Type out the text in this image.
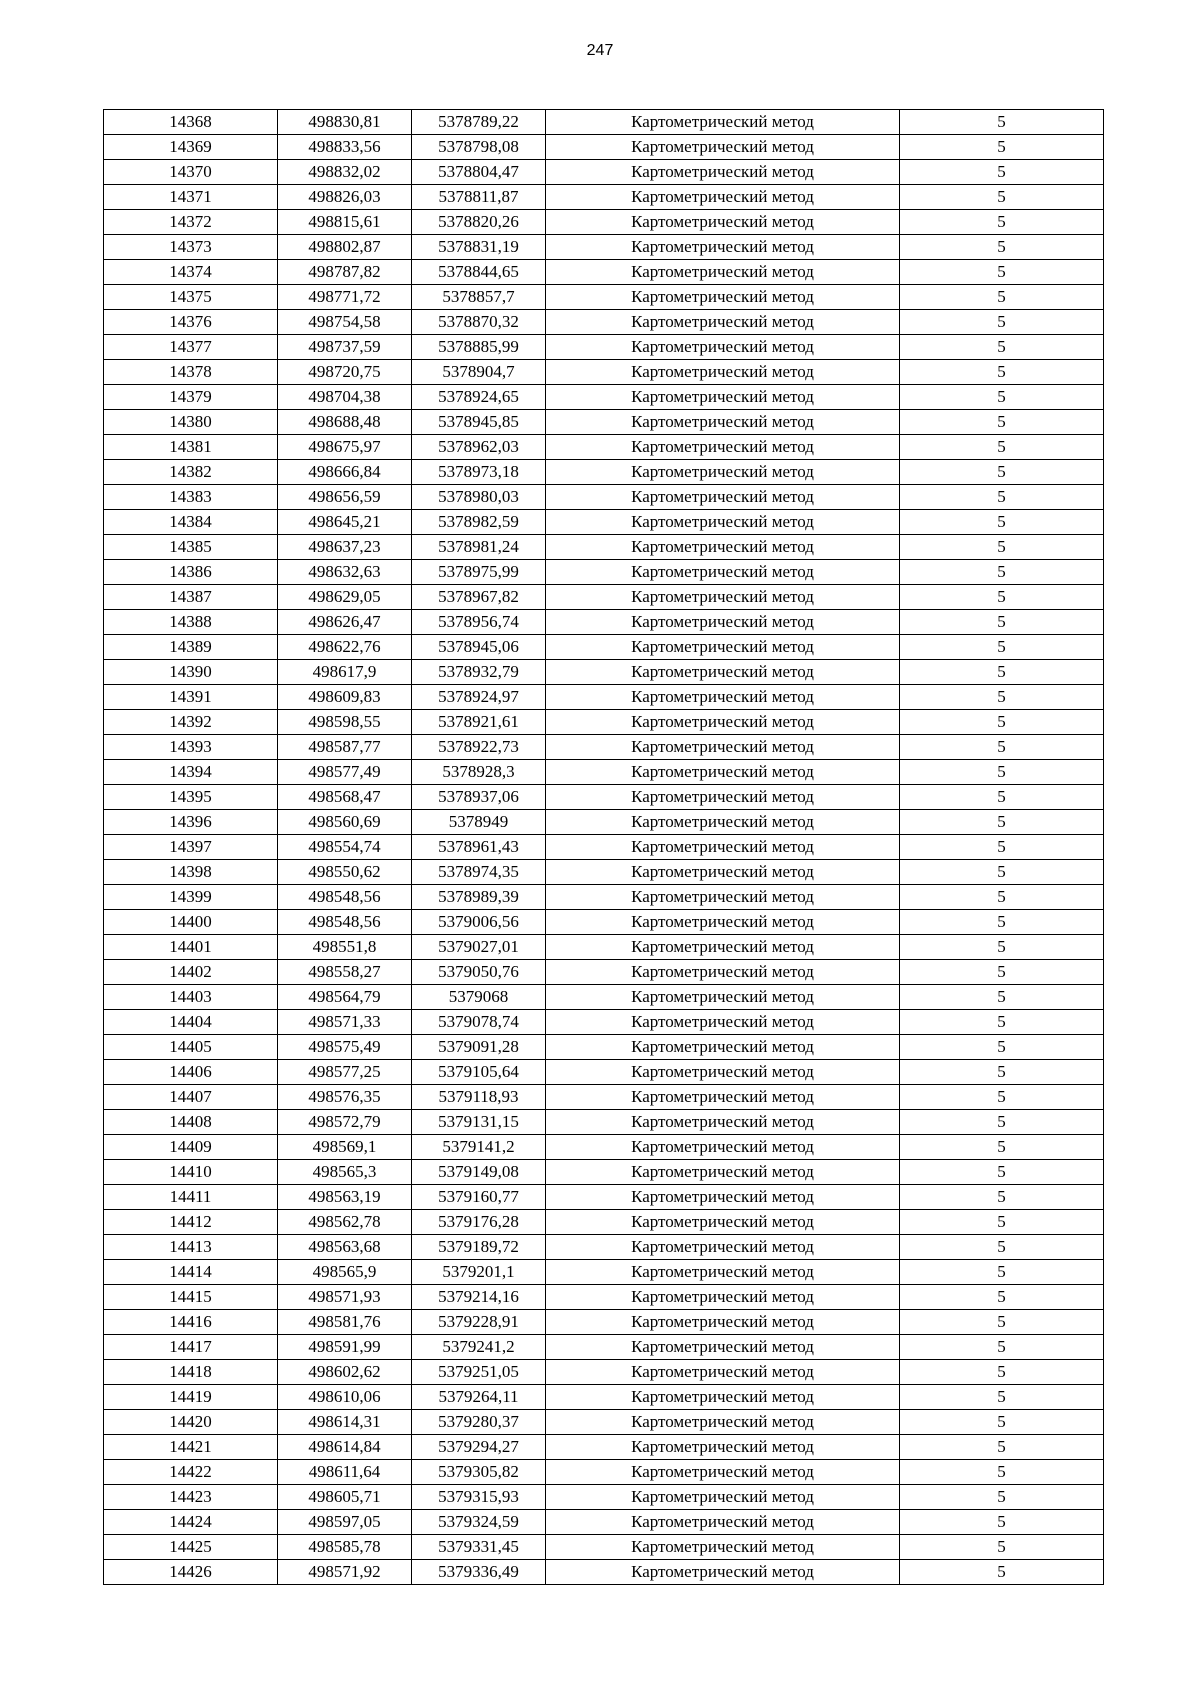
247
14368	498830,81	5378789,22	Картометрический метод	5
14369	498833,56	5378798,08	Картометрический метод	5
14370	498832,02	5378804,47	Картометрический метод	5
14371	498826,03	5378811,87	Картометрический метод	5
14372	498815,61	5378820,26	Картометрический метод	5
14373	498802,87	5378831,19	Картометрический метод	5
14374	498787,82	5378844,65	Картометрический метод	5
14375	498771,72	5378857,7	Картометрический метод	5
14376	498754,58	5378870,32	Картометрический метод	5
14377	498737,59	5378885,99	Картометрический метод	5
14378	498720,75	5378904,7	Картометрический метод	5
14379	498704,38	5378924,65	Картометрический метод	5
14380	498688,48	5378945,85	Картометрический метод	5
14381	498675,97	5378962,03	Картометрический метод	5
14382	498666,84	5378973,18	Картометрический метод	5
14383	498656,59	5378980,03	Картометрический метод	5
14384	498645,21	5378982,59	Картометрический метод	5
14385	498637,23	5378981,24	Картометрический метод	5
14386	498632,63	5378975,99	Картометрический метод	5
14387	498629,05	5378967,82	Картометрический метод	5
14388	498626,47	5378956,74	Картометрический метод	5
14389	498622,76	5378945,06	Картометрический метод	5
14390	498617,9	5378932,79	Картометрический метод	5
14391	498609,83	5378924,97	Картометрический метод	5
14392	498598,55	5378921,61	Картометрический метод	5
14393	498587,77	5378922,73	Картометрический метод	5
14394	498577,49	5378928,3	Картометрический метод	5
14395	498568,47	5378937,06	Картометрический метод	5
14396	498560,69	5378949	Картометрический метод	5
14397	498554,74	5378961,43	Картометрический метод	5
14398	498550,62	5378974,35	Картометрический метод	5
14399	498548,56	5378989,39	Картометрический метод	5
14400	498548,56	5379006,56	Картометрический метод	5
14401	498551,8	5379027,01	Картометрический метод	5
14402	498558,27	5379050,76	Картометрический метод	5
14403	498564,79	5379068	Картометрический метод	5
14404	498571,33	5379078,74	Картометрический метод	5
14405	498575,49	5379091,28	Картометрический метод	5
14406	498577,25	5379105,64	Картометрический метод	5
14407	498576,35	5379118,93	Картометрический метод	5
14408	498572,79	5379131,15	Картометрический метод	5
14409	498569,1	5379141,2	Картометрический метод	5
14410	498565,3	5379149,08	Картометрический метод	5
14411	498563,19	5379160,77	Картометрический метод	5
14412	498562,78	5379176,28	Картометрический метод	5
14413	498563,68	5379189,72	Картометрический метод	5
14414	498565,9	5379201,1	Картометрический метод	5
14415	498571,93	5379214,16	Картометрический метод	5
14416	498581,76	5379228,91	Картометрический метод	5
14417	498591,99	5379241,2	Картометрический метод	5
14418	498602,62	5379251,05	Картометрический метод	5
14419	498610,06	5379264,11	Картометрический метод	5
14420	498614,31	5379280,37	Картометрический метод	5
14421	498614,84	5379294,27	Картометрический метод	5
14422	498611,64	5379305,82	Картометрический метод	5
14423	498605,71	5379315,93	Картометрический метод	5
14424	498597,05	5379324,59	Картометрический метод	5
14425	498585,78	5379331,45	Картометрический метод	5
14426	498571,92	5379336,49	Картометрический метод	5
